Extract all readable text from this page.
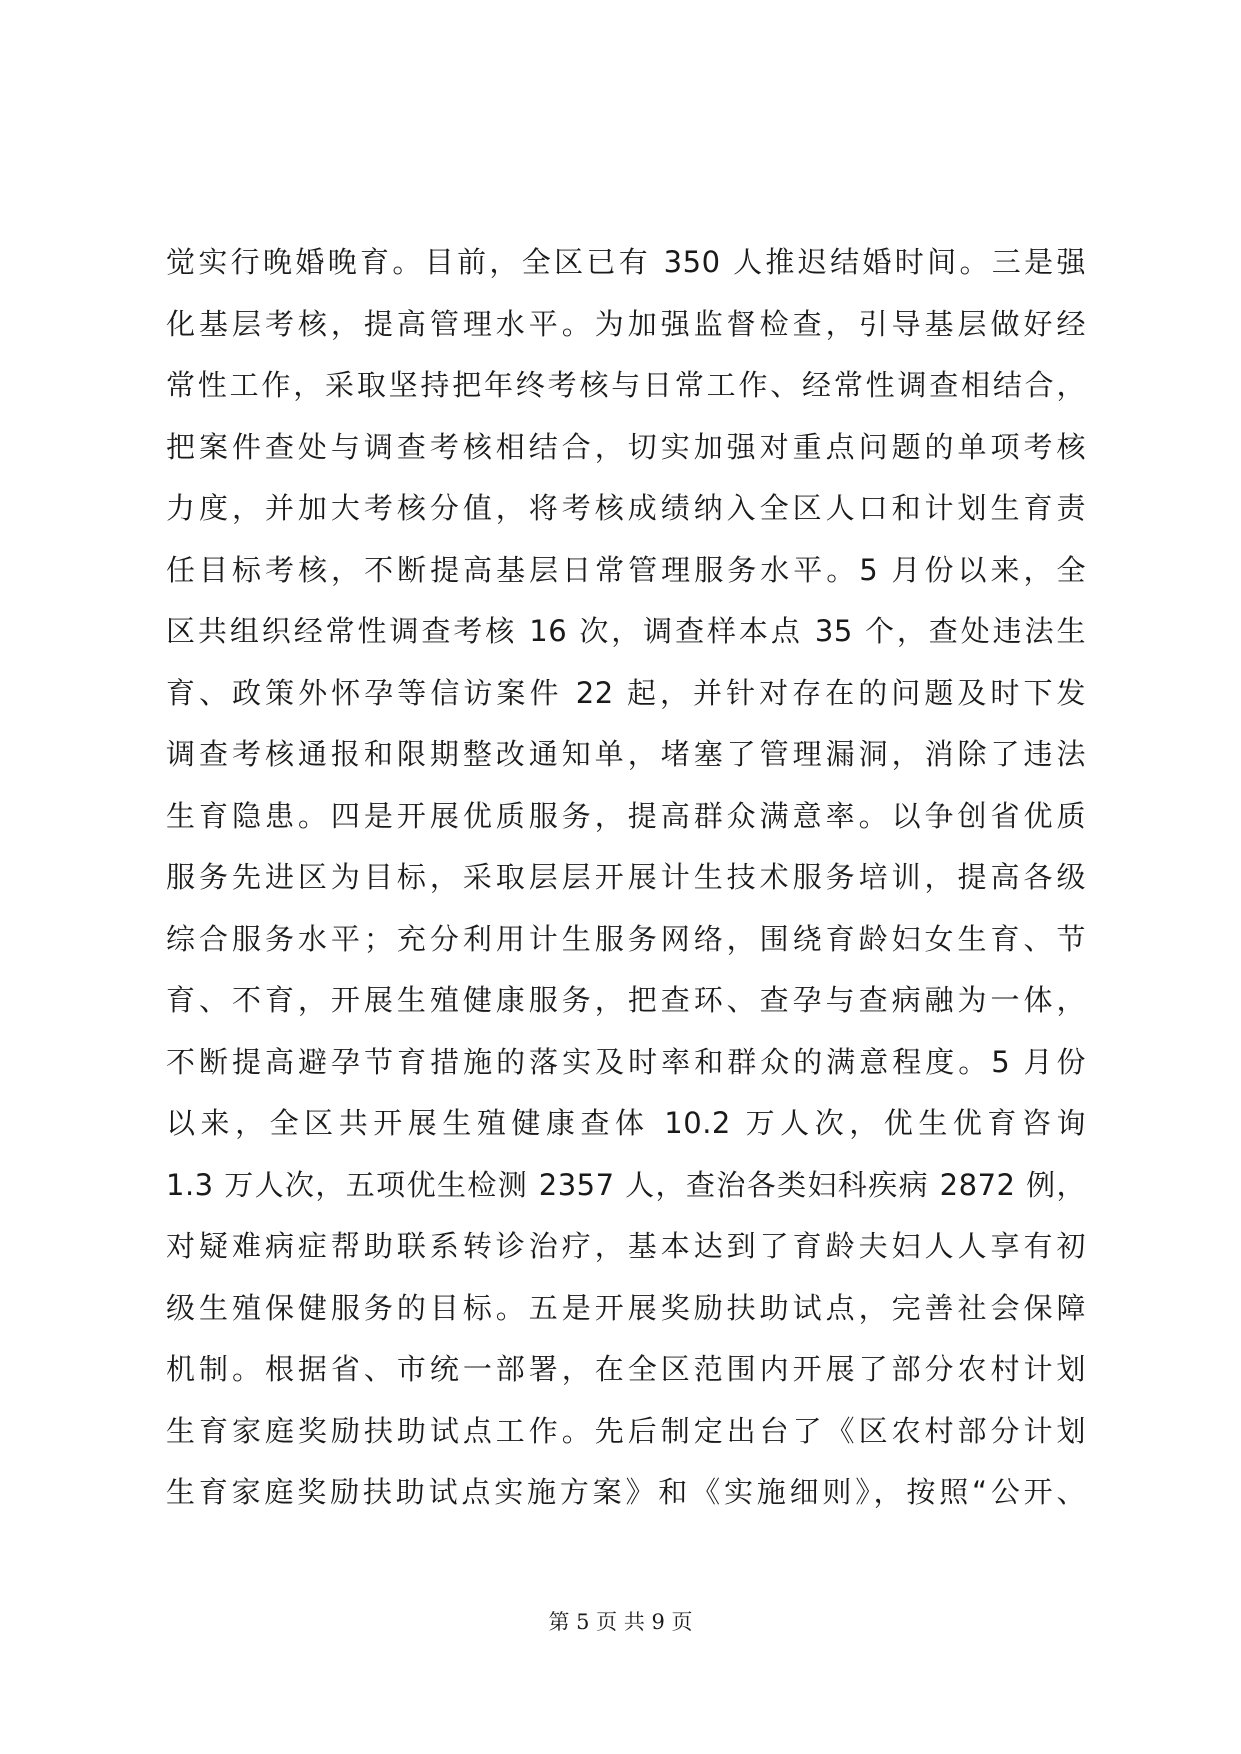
觉实行晚婚晚育。目前，全区已有 350 人推迟结婚时间。三是强
化基层考核，提高管理水平。为加强监督检查，引导基层做好经
常性工作，采取坚持把年终考核与日常工作、经常性调查相结合，
把案件查处与调查考核相结合，切实加强对重点问题的单项考核
力度，并加大考核分值，将考核成绩纳入全区人口和计划生育责
任目标考核，不断提高基层日常管理服务水平。5 月份以来，全
区共组织经常性调查考核 16 次，调查样本点 35 个，查处违法生
育、政策外怀孕等信访案件 22 起，并针对存在的问题及时下发
调查考核通报和限期整改通知单，堵塞了管理漏洞，消除了违法
生育隐患。四是开展优质服务，提高群众满意率。以争创省优质
服务先进区为目标，采取层层开展计生技术服务培训，提高各级
综合服务水平；充分利用计生服务网络，围绕育龄妇女生育、节
育、不育，开展生殖健康服务，把查环、查孕与查病融为一体，
不断提高避孕节育措施的落实及时率和群众的满意程度。5 月份
以来，全区共开展生殖健康查体 10.2 万人次，优生优育咨询
1.3 万人次，五项优生检测 2357 人，查治各类妇科疾病 2872 例，
对疑难病症帮助联系转诊治疗，基本达到了育龄夫妇人人享有初
级生殖保健服务的目标。五是开展奖励扶助试点，完善社会保障
机制。根据省、市统一部署，在全区范围内开展了部分农村计划
生育家庭奖励扶助试点工作。先后制定出台了《区农村部分计划
生育家庭奖励扶助试点实施方案》和《实施细则》，按照“公开、
第 5 页 共 9 页
